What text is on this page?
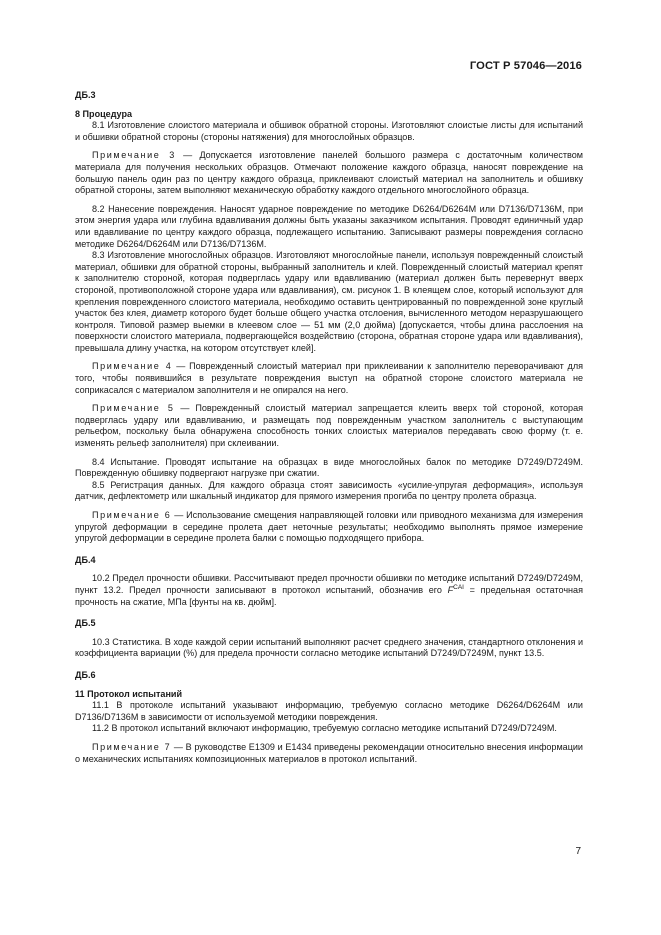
ГОСТ Р 57046—2016

ДБ.3

8 Процедура

8.1 Изготовление слоистого материала и обшивок обратной стороны. Изготовляют слоистые листы для испытаний и обшивки обратной стороны (стороны натяжения) для многослойных образцов.

Примечание 3 — Допускается изготовление панелей большого размера с достаточным количеством материала для получения нескольких образцов. Отмечают положение каждого образца, наносят повреждение на большую панель один раз по центру каждого образца, приклеивают слоистый материал на заполнитель и обшивку обратной стороны, затем выполняют механическую обработку каждого отдельного многослойного образца.

8.2 Нанесение повреждения. Наносят ударное повреждение по методике D6264/D6264M или D7136/D7136M, при этом энергия удара или глубина вдавливания должны быть указаны заказчиком испытания. Проводят единичный удар или вдавливание по центру каждого образца, подлежащего испытанию. Записывают размеры повреждения согласно методике D6264/D6264M или D7136/D7136M.

8.3 Изготовление многослойных образцов. Изготовляют многослойные панели, используя поврежденный слоистый материал, обшивки для обратной стороны, выбранный заполнитель и клей. Поврежденный слоистый материал крепят к заполнителю стороной, которая подверглась удару или вдавливанию (материал должен быть перевернут вверх стороной, противоположной стороне удара или вдавливания), см. рисунок 1. В клеящем слое, который используют для крепления поврежденного слоистого материала, необходимо оставить центрированный по поврежденной зоне круглый участок без клея, диаметр которого будет больше общего участка отслоения, вычисленного методом неразрушающего контроля. Типовой размер выемки в клеевом слое — 51 мм (2,0 дюйма) [допускается, чтобы длина расслоения на поверхности слоистого материала, подвергающейся воздействию (сторона, обратная стороне удара или вдавливания), превышала длину участка, на котором отсутствует клей].

Примечание 4 — Поврежденный слоистый материал при приклеивании к заполнителю переворачивают для того, чтобы появившийся в результате повреждения выступ на обратной стороне слоистого материала не соприкасался с материалом заполнителя и не опирался на него.

Примечание 5 — Поврежденный слоистый материал запрещается клеить вверх той стороной, которая подверглась удару или вдавливанию, и размещать под поврежденным участком заполнитель с выступающим рельефом, поскольку была обнаружена способность тонких слоистых материалов передавать свою форму (т. е. изменять рельеф заполнителя) при склеивании.

8.4 Испытание. Проводят испытание на образцах в виде многослойных балок по методике D7249/D7249M. Поврежденную обшивку подвергают нагрузке при сжатии.

8.5 Регистрация данных. Для каждого образца стоят зависимость «усилие-упругая деформация», используя датчик, дефлектометр или шкальный индикатор для прямого измерения прогиба по центру пролета образца.

Примечание 6 — Использование смещения направляющей головки или приводного механизма для измерения упругой деформации в середине пролета дает неточные результаты; необходимо выполнять прямое измерение упругой деформации в середине пролета балки с помощью подходящего прибора.

ДБ.4

10.2 Предел прочности обшивки. Рассчитывают предел прочности обшивки по методике испытаний D7249/D7249M, пункт 13.2. Предел прочности записывают в протокол испытаний, обозначив его $F^{CAI}$ = предельная остаточная прочность на сжатие, МПа [фунты на кв. дюйм].

ДБ.5

10.3 Статистика. В ходе каждой серии испытаний выполняют расчет среднего значения, стандартного отклонения и коэффициента вариации (%) для предела прочности согласно методике испытаний D7249/D7249M, пункт 13.5.

ДБ.6

11 Протокол испытаний

11.1 В протоколе испытаний указывают информацию, требуемую согласно методике D6264/D6264M или D7136/D7136M в зависимости от используемой методики повреждения.

11.2 В протокол испытаний включают информацию, требуемую согласно методике испытаний D7249/D7249M.

Примечание 7 — В руководстве E1309 и E1434 приведены рекомендации относительно внесения информации о механических испытаниях композиционных материалов в протокол испытаний.

7
